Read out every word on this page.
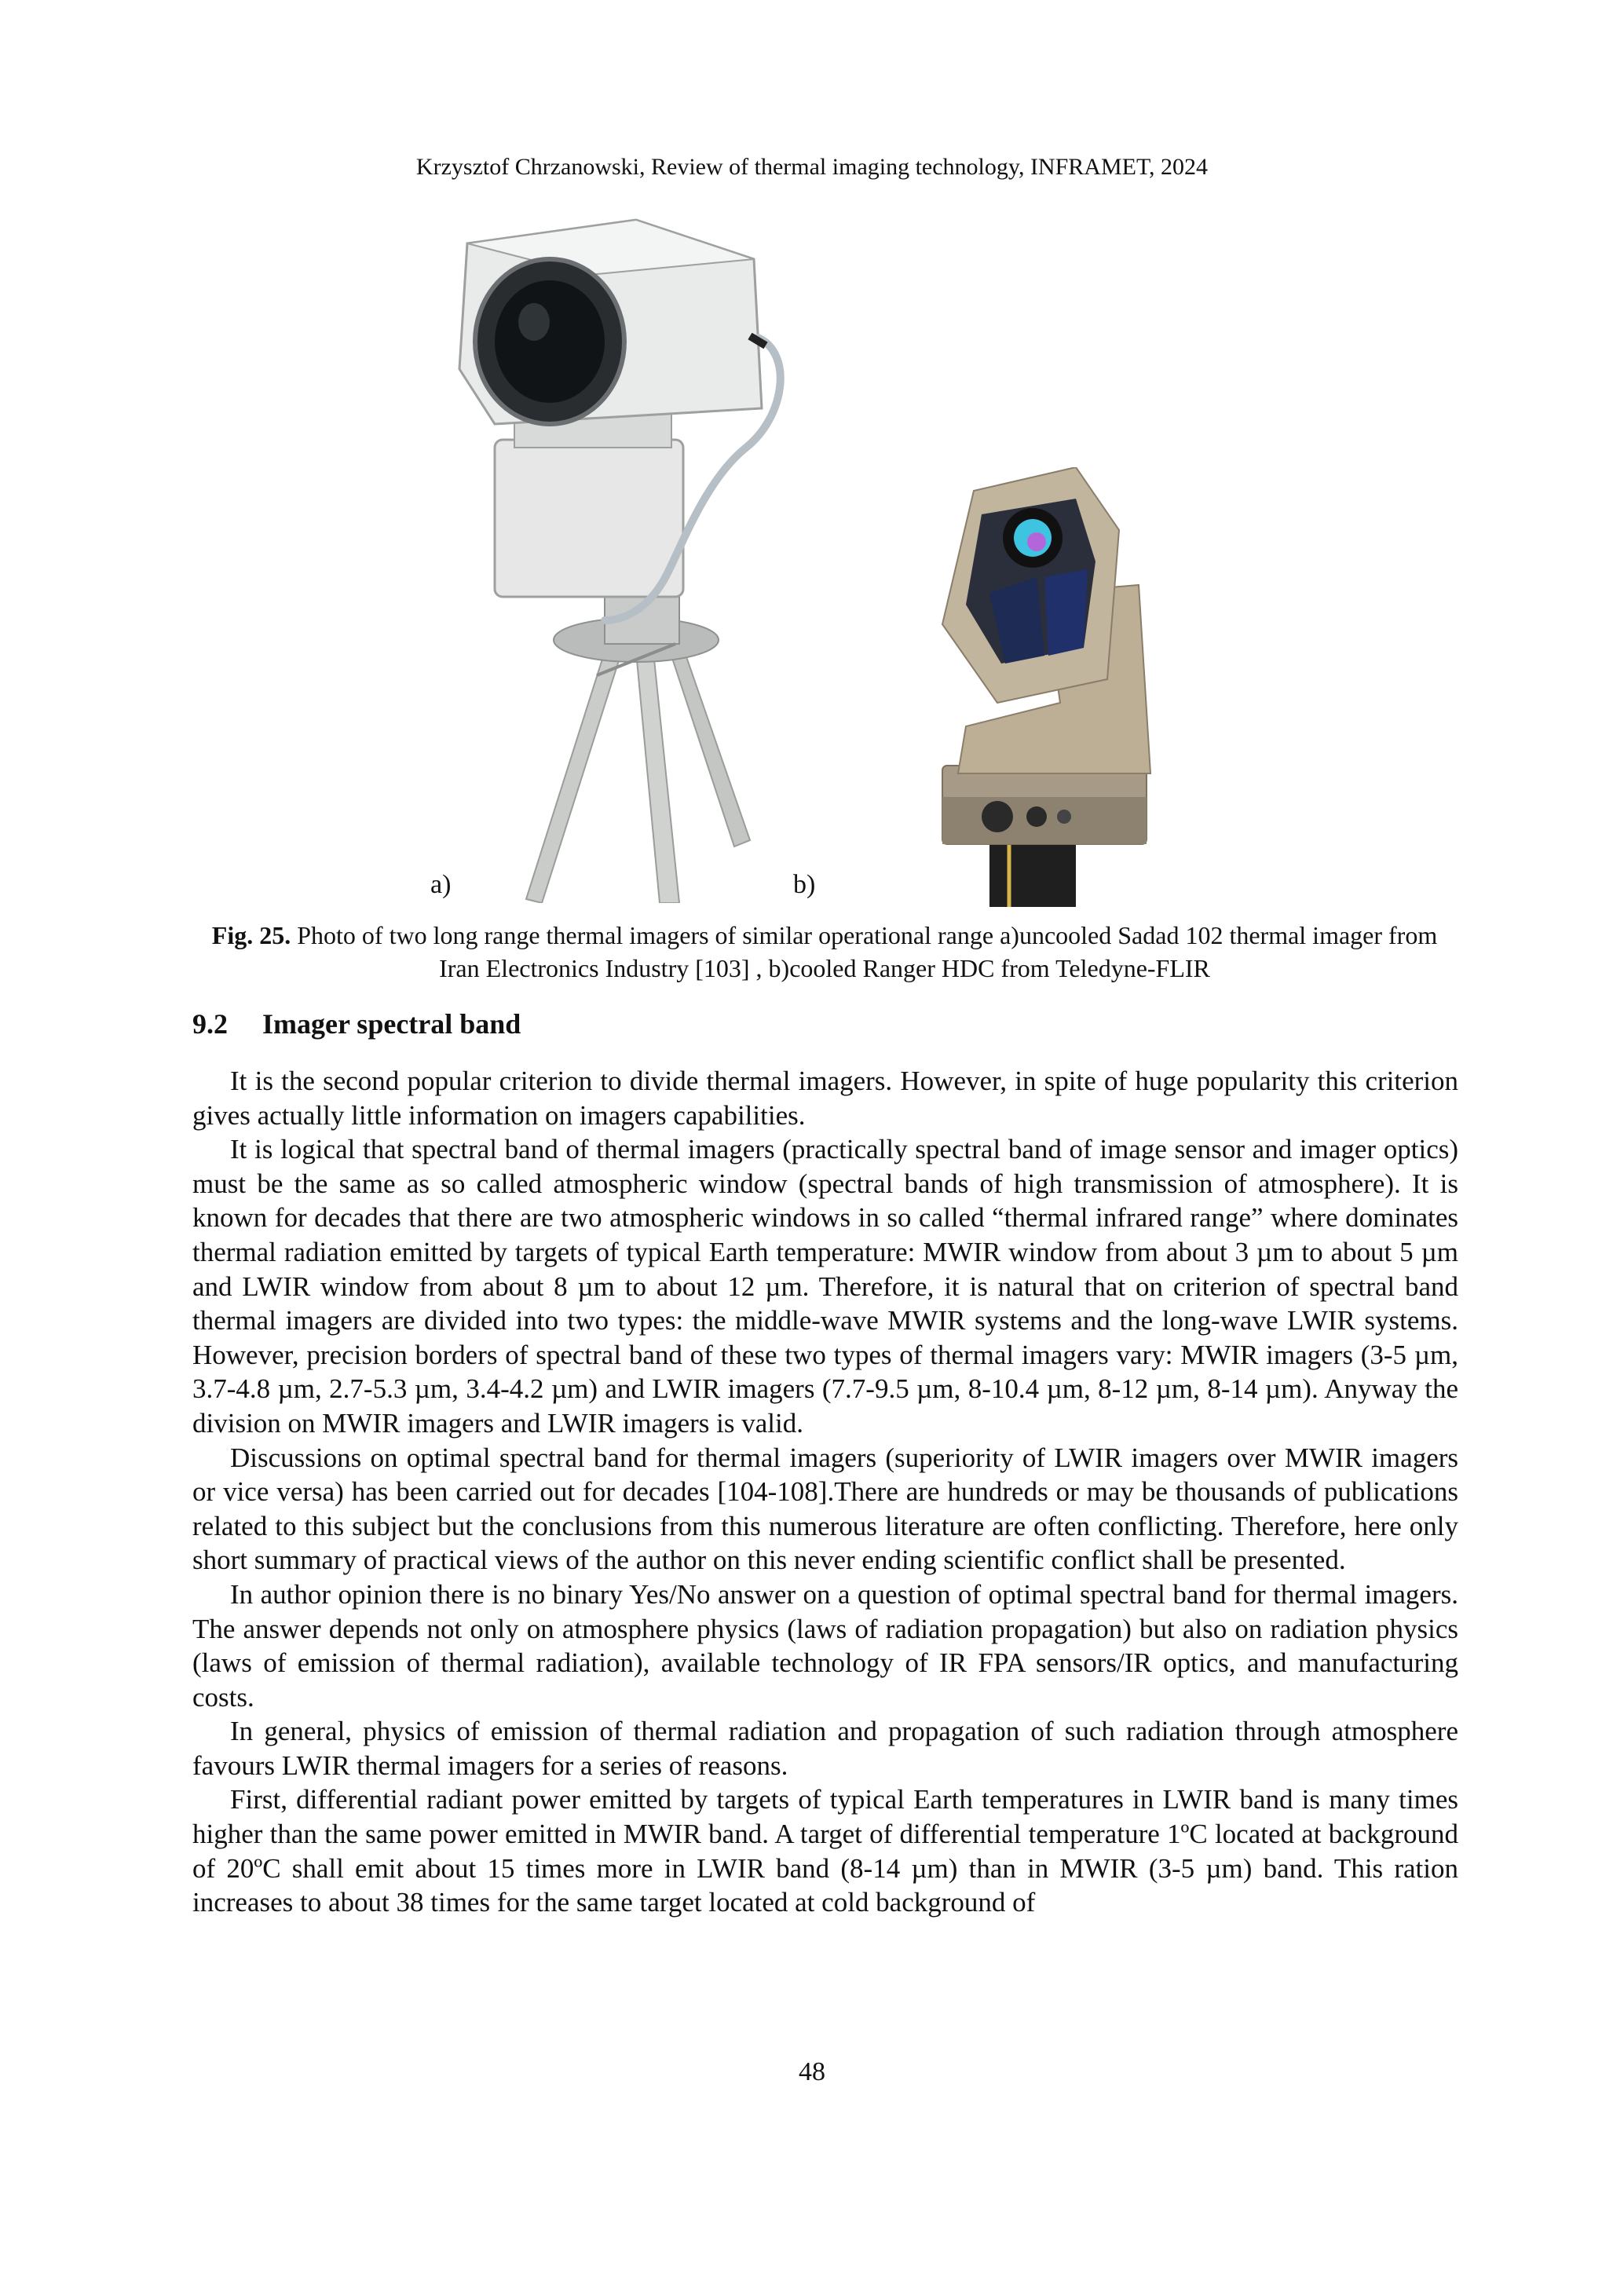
Krzysztof Chrzanowski, Review of thermal imaging technology, INFRAMET, 2024
a)	b)
Fig. 25. Photo of two long range thermal imagers of similar operational range a)uncooled Sadad 102 thermal imager from Iran Electronics Industry [103] , b)cooled Ranger HDC from Teledyne-FLIR
9.2 Imager spectral band

It is the second popular criterion to divide thermal imagers. However, in spite of huge popularity this criterion gives actually little information on imagers capabilities.

It is logical that spectral band of thermal imagers (practically spectral band of image sensor and imager optics) must be the same as so called atmospheric window (spectral bands of high transmission of atmosphere). It is known for decades that there are two atmospheric windows in so called “thermal infrared range” where dominates thermal radiation emitted by targets of typical Earth temperature: MWIR window from about 3 µm to about 5 µm and LWIR window from about 8 µm to about 12 µm. Therefore, it is natural that on criterion of spectral band thermal imagers are divided into two types: the middle-wave MWIR systems and the long-wave LWIR systems. However, precision borders of spectral band of these two types of thermal imagers vary: MWIR imagers (3-5 µm, 3.7-4.8 µm, 2.7-5.3 µm, 3.4-4.2 µm) and LWIR imagers (7.7-9.5 µm, 8-10.4 µm, 8-12 µm, 8-14 µm). Anyway the division on MWIR imagers and LWIR imagers is valid.

Discussions on optimal spectral band for thermal imagers (superiority of LWIR imagers over MWIR imagers or vice versa) has been carried out for decades [104-108].There are hundreds or may be thousands of publications related to this subject but the conclusions from this numerous literature are often conflicting. Therefore, here only short summary of practical views of the author on this never ending scientific conflict shall be presented.

In author opinion there is no binary Yes/No answer on a question of optimal spectral band for thermal imagers. The answer depends not only on atmosphere physics (laws of radiation propagation) but also on radiation physics (laws of emission of thermal radiation), available technology of IR FPA sensors/IR optics, and manufacturing costs.

In general, physics of emission of thermal radiation and propagation of such radiation through atmosphere favours LWIR thermal imagers for a series of reasons.

First, differential radiant power emitted by targets of typical Earth temperatures in LWIR band is many times higher than the same power emitted in MWIR band. A target of differential temperature 1ºC located at background of 20ºC shall emit about 15 times more in LWIR band (8-14 µm) than in MWIR (3-5 µm) band. This ration increases to about 38 times for the same target located at cold background of

48
